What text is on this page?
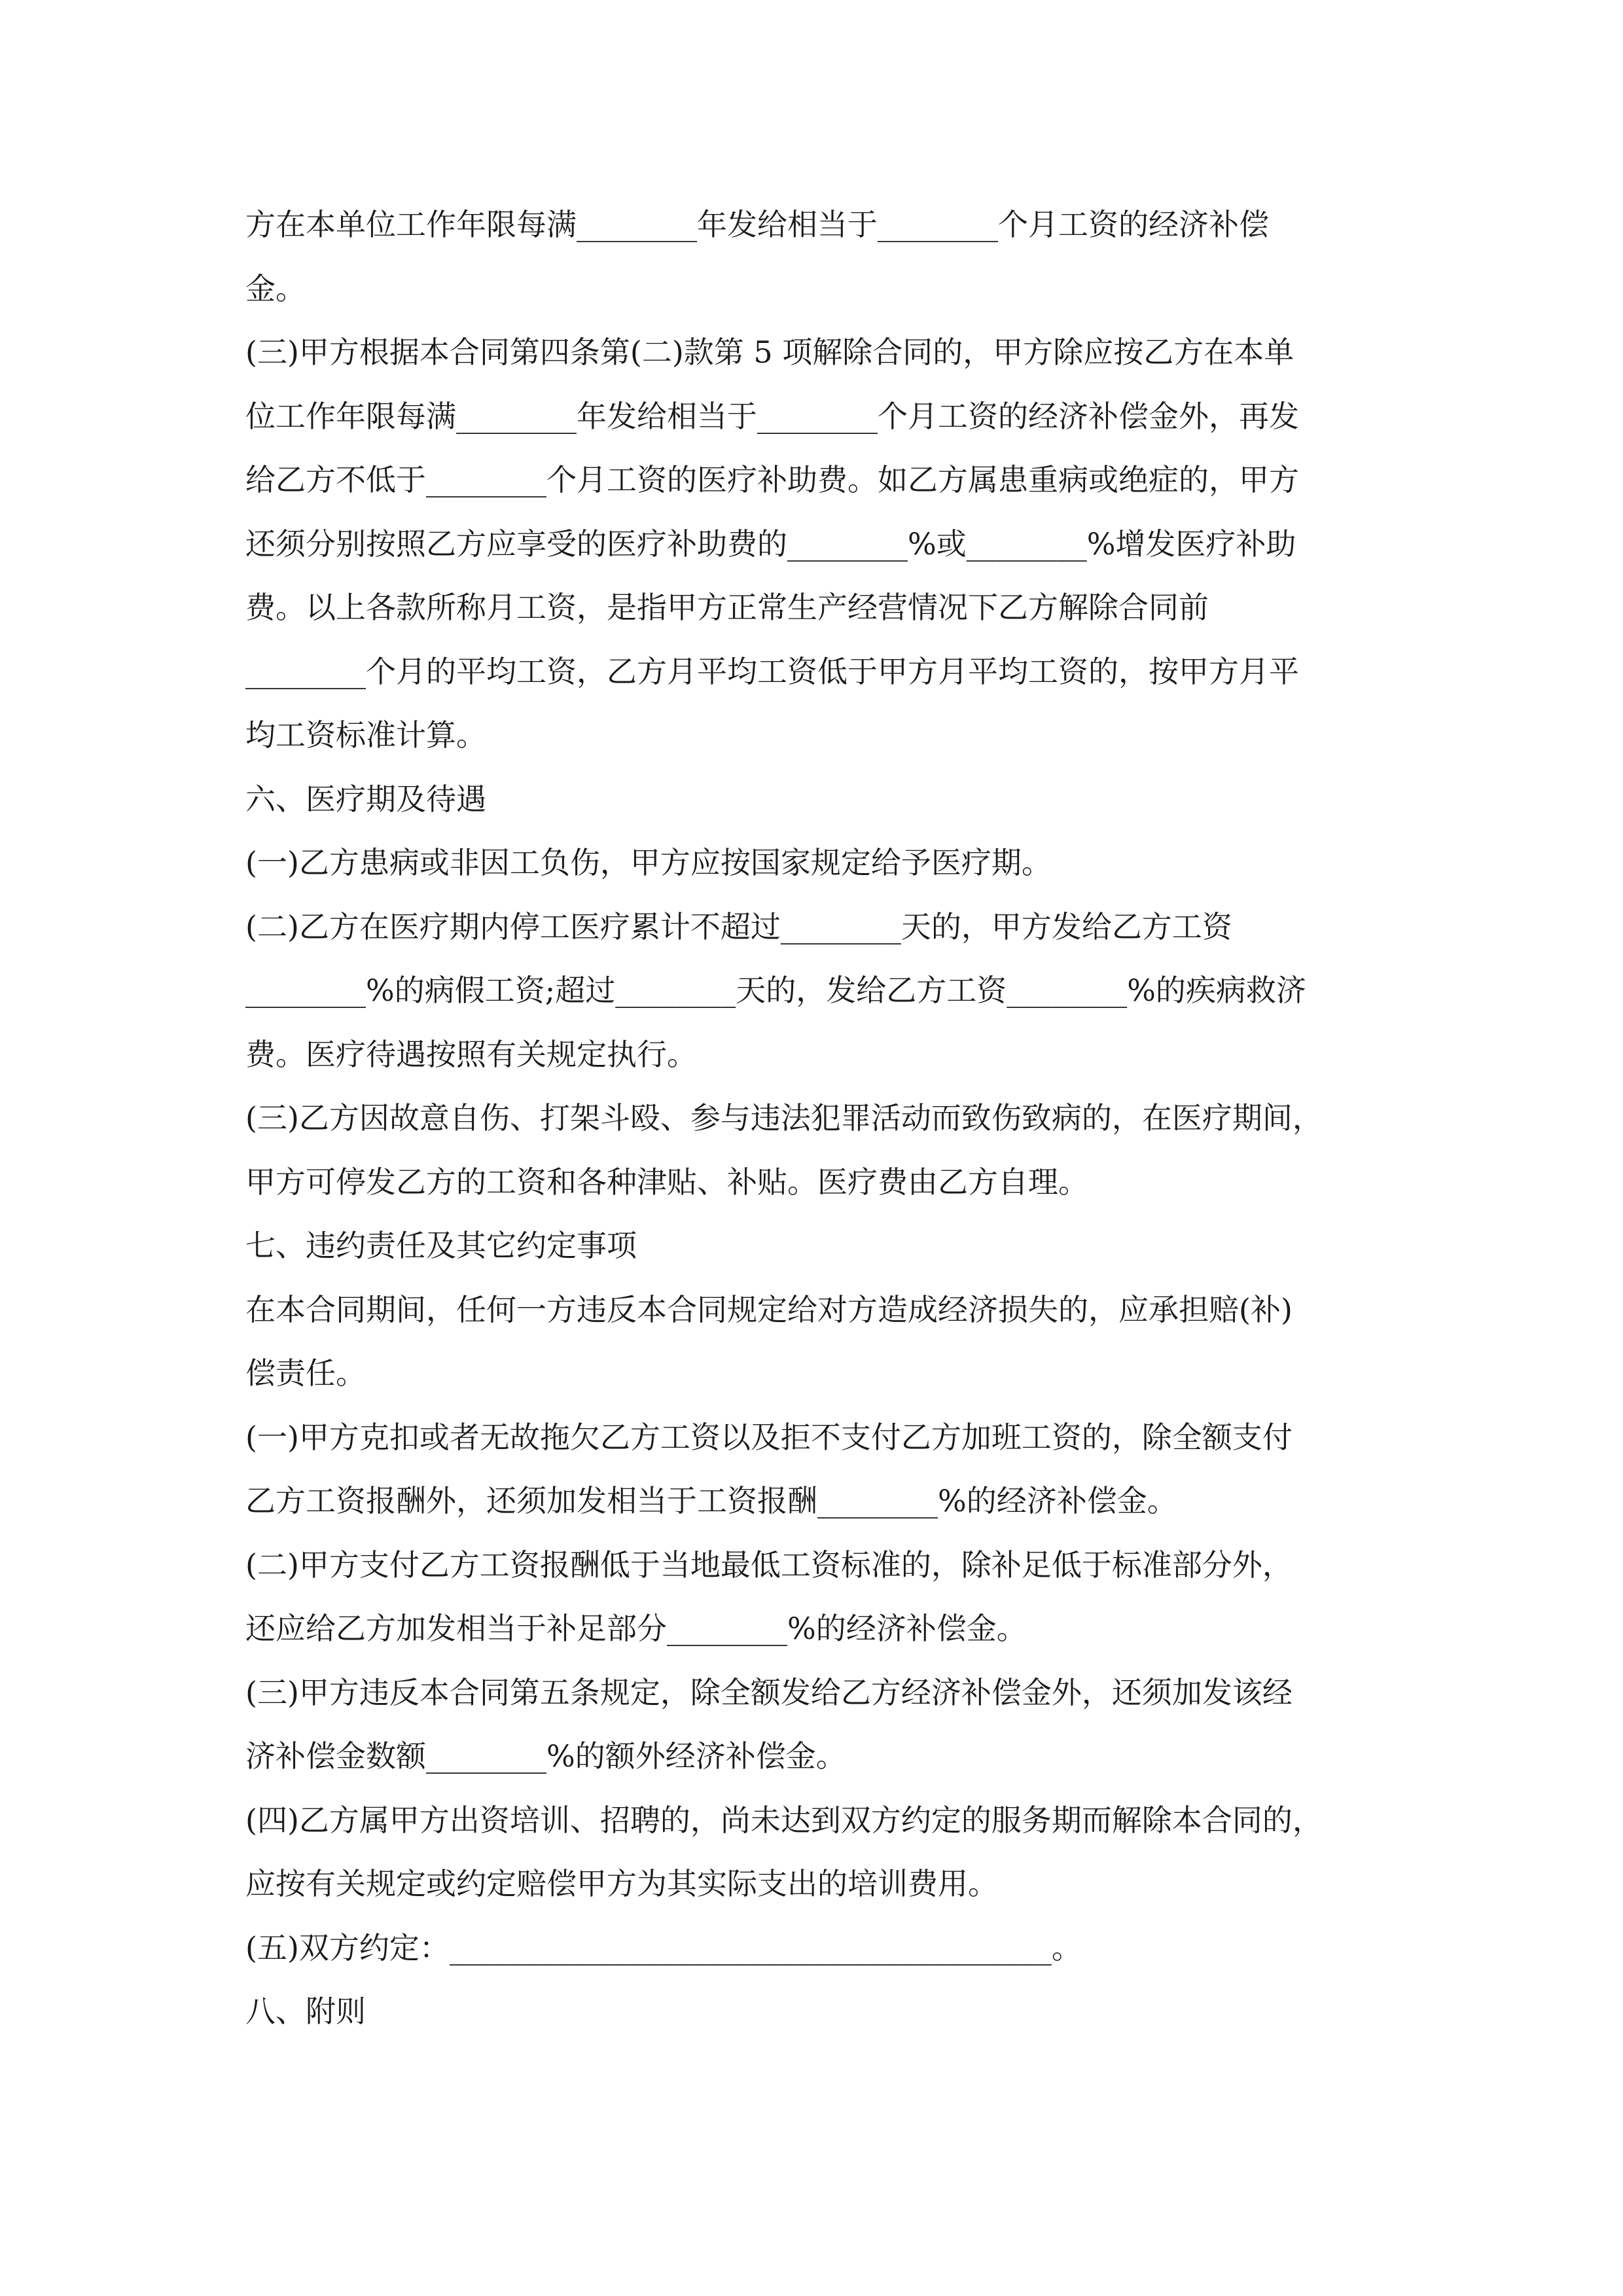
方在本单位工作年限每满________年发给相当于________个月工资的经济补偿
金。
(三)甲方根据本合同第四条第(二)款第 5 项解除合同的，甲方除应按乙方在本单
位工作年限每满________年发给相当于________个月工资的经济补偿金外，再发
给乙方不低于________个月工资的医疗补助费。如乙方属患重病或绝症的，甲方
还须分别按照乙方应享受的医疗补助费的________%或________%增发医疗补助
费。以上各款所称月工资，是指甲方正常生产经营情况下乙方解除合同前
________个月的平均工资，乙方月平均工资低于甲方月平均工资的，按甲方月平
均工资标准计算。
六、医疗期及待遇
(一)乙方患病或非因工负伤，甲方应按国家规定给予医疗期。
(二)乙方在医疗期内停工医疗累计不超过________天的，甲方发给乙方工资
________%的病假工资;超过________天的，发给乙方工资________%的疾病救济
费。医疗待遇按照有关规定执行。
(三)乙方因故意自伤、打架斗殴、参与违法犯罪活动而致伤致病的，在医疗期间，
甲方可停发乙方的工资和各种津贴、补贴。医疗费由乙方自理。
七、违约责任及其它约定事项
在本合同期间，任何一方违反本合同规定给对方造成经济损失的，应承担赔(补)
偿责任。
(一)甲方克扣或者无故拖欠乙方工资以及拒不支付乙方加班工资的，除全额支付
乙方工资报酬外，还须加发相当于工资报酬________%的经济补偿金。
(二)甲方支付乙方工资报酬低于当地最低工资标准的，除补足低于标准部分外，
还应给乙方加发相当于补足部分________%的经济补偿金。
(三)甲方违反本合同第五条规定，除全额发给乙方经济补偿金外，还须加发该经
济补偿金数额________%的额外经济补偿金。
(四)乙方属甲方出资培训、招聘的，尚未达到双方约定的服务期而解除本合同的，
应按有关规定或约定赔偿甲方为其实际支出的培训费用。
(五)双方约定：________________________________________。
八、附则
